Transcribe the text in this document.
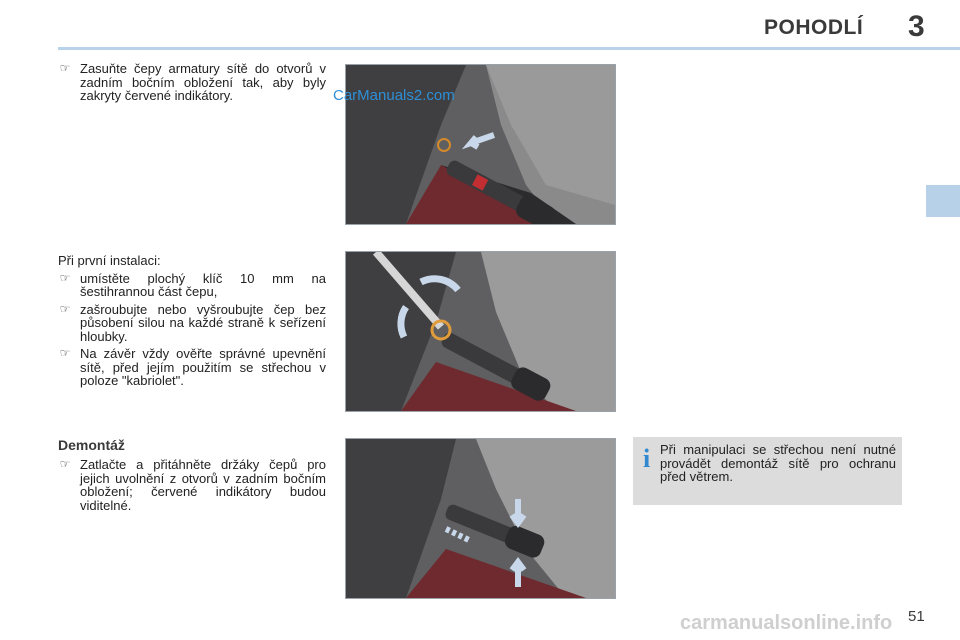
POHODLÍ 3
☞ Zasuňte čepy armatury sítě do otvorů v zadním bočním obložení tak, aby byly zakryty červené indikátory.	CarManuals2.com
Při první instalaci:
☞ umístěte plochý klíč 10 mm na šestihrannou část čepu,
☞ zašroubujte nebo vyšroubujte čep bez působení silou na každé straně k seřízení hloubky.
☞ Na závěr vždy ověřte správné upevnění sítě, před jejím použitím se střechou v poloze "kabriolet".
Demontáž
☞ Zatlačte a přitáhněte držáky čepů pro jejich uvolnění z otvorů v zadním bočním obložení; červené indikátory budou viditelné.
i Při manipulaci se střechou není nutné provádět demontáž sítě pro ochranu před větrem.
carmanualsonline.info 51
